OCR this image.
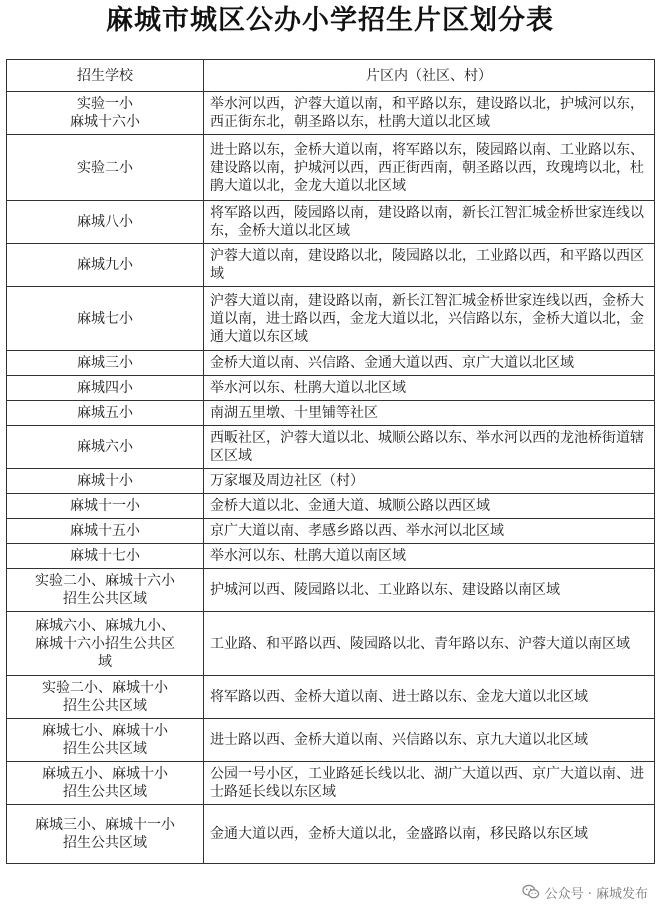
麻城市城区公办小学招生片区划分表
招生学校	片区内（社区、村）
实验一小
麻城十六小	举水河以西，沪蓉大道以南，和平路以东，建设路以北，护城河以东，西正街东北，朝圣路以东，杜鹃大道以北区域
实验二小	进士路以东，金桥大道以南，将军路以东，陵园路以南、工业路以东、建设路以南，护城河以西，西正街西南，朝圣路以西，玫瑰塆以北，杜鹃大道以北，金龙大道以北区域
麻城八小	将军路以西，陵园路以南，建设路以南，新长江智汇城金桥世家连线以东，金桥大道以北区域
麻城九小	沪蓉大道以南，建设路以北，陵园路以北，工业路以西，和平路以西区域
麻城七小	沪蓉大道以南，建设路以南，新长江智汇城金桥世家连线以西，金桥大道以南，进士路以西，金龙大道以北，兴信路以东，金桥大道以北，金通大道以东区域
麻城三小	金桥大道以南、兴信路、金通大道以西、京广大道以北区域
麻城四小	举水河以东、杜鹃大道以北区域
麻城五小	南湖五里墩、十里铺等社区
麻城六小	西畈社区，沪蓉大道以北、城顺公路以东、举水河以西的龙池桥街道辖区区域
麻城十小	万家堰及周边社区（村）
麻城十一小	金桥大道以北、金通大道、城顺公路以西区域
麻城十五小	京广大道以南、孝感乡路以西、举水河以北区域
麻城十七小	举水河以东、杜鹃大道以南区域
实验二小、麻城十六小
招生公共区域	护城河以西、陵园路以北、工业路以东、建设路以南区域
麻城六小、麻城九小、
麻城十六小招生公共区
域	工业路、和平路以西、陵园路以北、青年路以东、沪蓉大道以南区域
实验二小、麻城十小
招生公共区域	将军路以西、金桥大道以南、进士路以东、金龙大道以北区域
麻城七小、麻城十小
招生公共区域	进士路以西、金桥大道以南、兴信路以东、京九大道以北区域
麻城五小、麻城十小
招生公共区域	公园一号小区，工业路延长线以北、湖广大道以西、京广大道以南、进士路延长线以东区域
麻城三小、麻城十一小
招生公共区域	金通大道以西，金桥大道以北，金盛路以南，移民路以东区域
公众号 · 麻城发布
